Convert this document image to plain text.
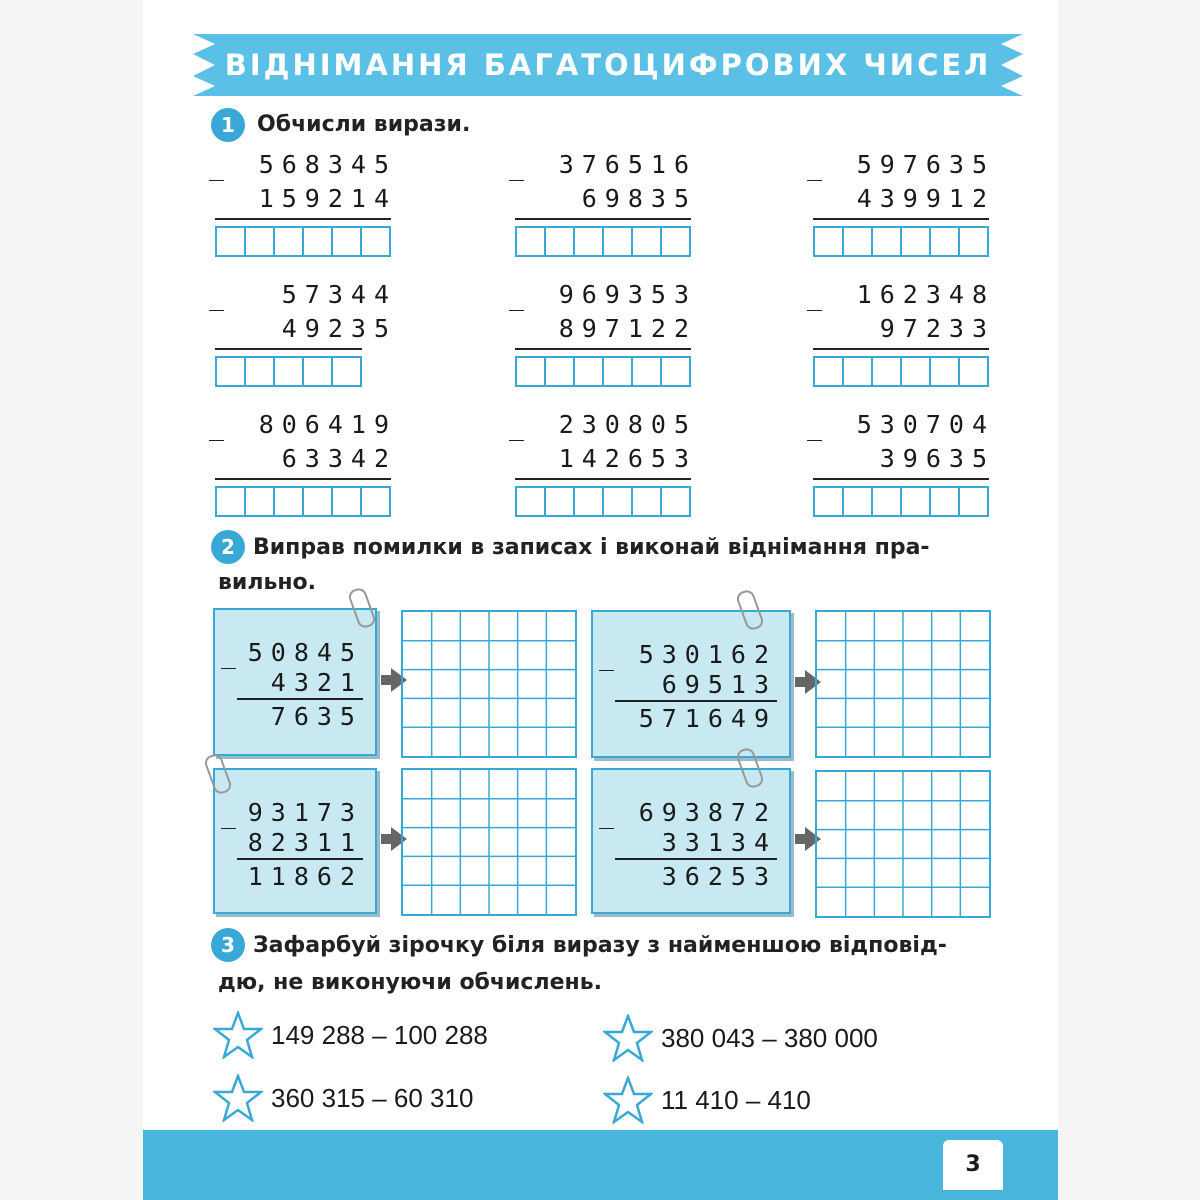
ВІДНІМАННЯ БАГАТОЦИФРОВИХ ЧИСЕЛ
1	Обчисли вирази.
_ 568345
159214
_ 376516
69835
_ 597635
439912
_ 57344
49235
_ 969353
897122
_ 162348
97233
_ 806419
63342
_ 230805
142653
_ 530704
39635
2 Виправ помилки в записах і виконай віднімання пра-
вильно.
_ 50845
4321
7635
_ 530162
69513
571649
_ 93173
82311
11862
_ 693872
33134
36253
3 Зафарбуй зірочку біля виразу з найменшою відповід-
дю, не виконуючи обчислень.
149 288 – 100 288	380 043 – 380 000
360 315 – 60 310	11 410 – 410
3
